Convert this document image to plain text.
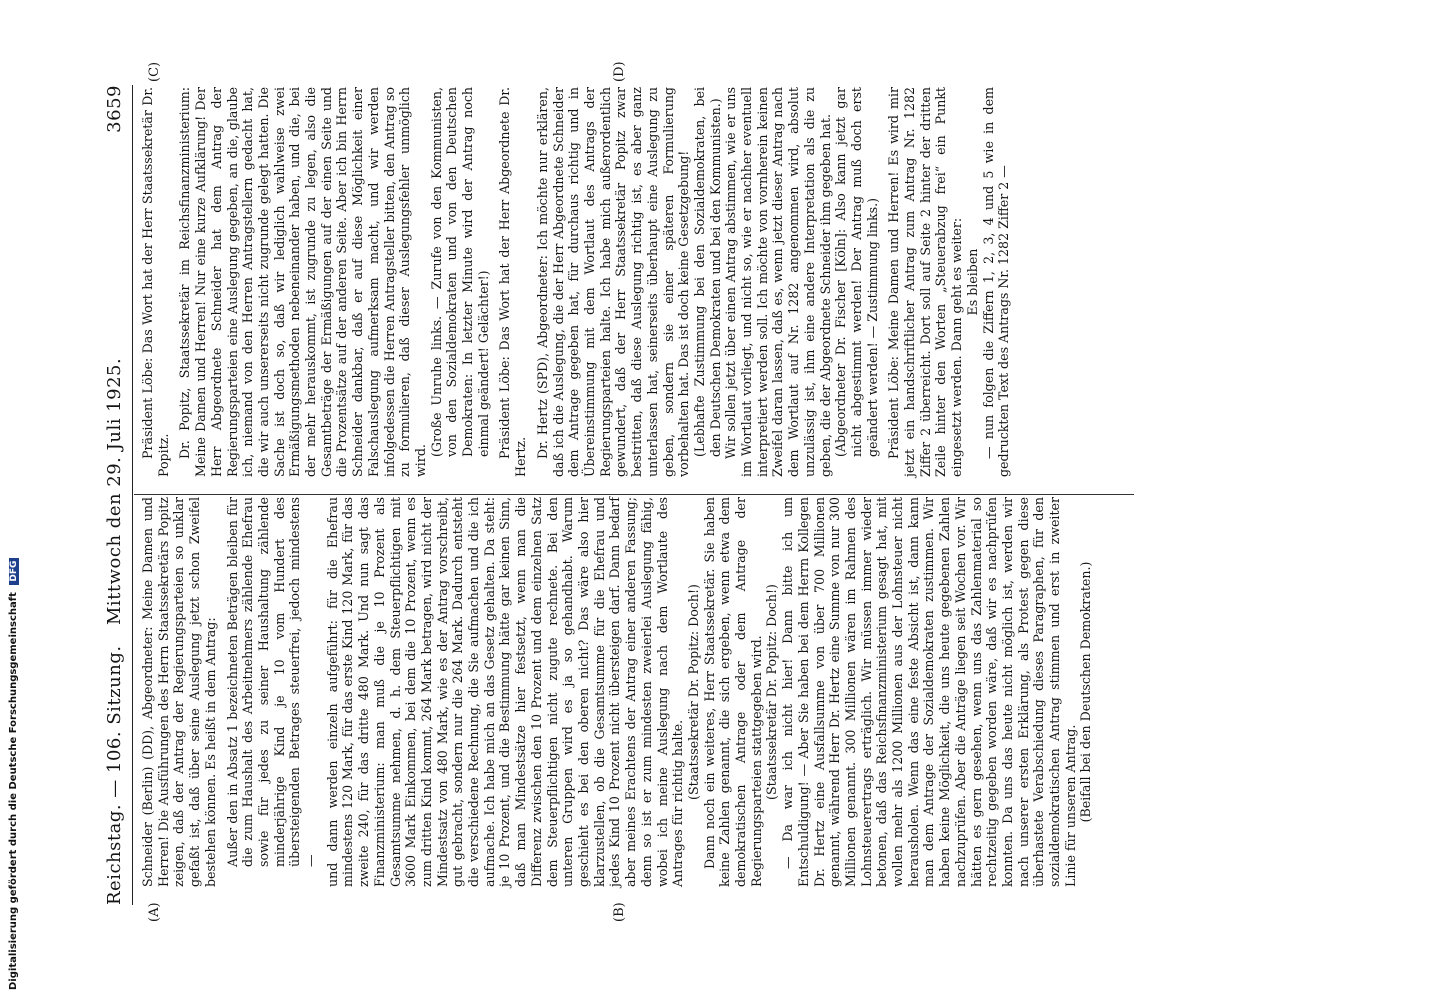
Digitalisierung gefördert durch die Deutsche Forschungsgemeinschaft DFG
Reichstag. — 106. Sitzung.
Mittwoch den 29. Juli 1925.
3659
(A)	(B)
(C)	(D)

Schneider (Berlin) (DD), Abgeordneter: Meine Damen und Herren! Die Ausführungen des Herrn Staatssekretärs Popitz zeigen, daß der Antrag der Regierungsparteien so unklar gefaßt ist, daß über seine Auslegung jetzt schon Zweifel bestehen können. Es heißt in dem Antrag: Außer den in Absatz 1 bezeichneten Beträgen bleiben für die zum Haushalt des Arbeitnehmers zählende Ehefrau sowie für jedes zu seiner Haushaltung zählende minderjährige Kind je 10 vom Hundert des übersteigenden Betrages steuerfrei, jedoch mindestens — und dann werden einzeln aufgeführt: für die Ehefrau mindestens 120 Mark, für das erste Kind 120 Mark, für das zweite 240, für das dritte 480 Mark. Und nun sagt das Finanzministerium: man muß die je 10 Prozent als Gesamtsumme nehmen, d. h. dem Steuerpflichtigen mit 3600 Mark Einkommen, bei dem die 10 Prozent, wenn es zum dritten Kind kommt, 264 Mark betragen, wird nicht der Mindestsatz von 480 Mark, wie es der Antrag vorschreibt, gut gebracht, sondern nur die 264 Mark. Dadurch entsteht die verschiedene Rechnung, die Sie aufmachen und die ich aufmache. Ich habe mich an das Gesetz gehalten. Da steht: je 10 Prozent, und die Bestimmung hätte gar keinen Sinn, daß man Mindestsätze hier festsetzt, wenn man die Differenz zwischen den 10 Prozent und dem einzelnen Satz dem Steuerpflichtigen nicht zugute rechnete. Bei den unteren Gruppen wird es ja so gehandhabt. Warum geschieht es bei den oberen nicht? Das wäre also hier klarzustellen, ob die Gesamtsumme für die Ehefrau und jedes Kind 10 Prozent nicht übersteigen darf. Dann bedarf aber meines Erachtens der Antrag einer anderen Fassung; denn so ist er zum mindesten zweierlei Auslegung fähig, wobei ich meine Auslegung nach dem Wortlaute des Antrages für richtig halte.

(Staatssekretär Dr. Popitz: Doch!) Dann noch ein weiteres, Herr Staatssekretär. Sie haben keine Zahlen genannt, die sich ergeben, wenn etwa dem demokratischen Antrage oder dem Antrage der Regierungsparteien stattgegeben wird. (Staatssekretär Dr. Popitz: Doch!) — Da war ich nicht hier! Dann bitte ich um Entschuldigung! — Aber Sie haben bei dem Herrn Kollegen Dr. Hertz eine Ausfallsumme von über 700 Millionen genannt, während Herr Dr. Hertz eine Summe von nur 300 Millionen genannt. 300 Millionen wären im Rahmen des Lohnsteuerertrags erträglich. Wir müssen immer wieder betonen, daß das Reichsfinanzministerium gesagt hat, mit wollen mehr als 1200 Millionen aus der Lohnsteuer nicht herausholen. Wenn das eine feste Absicht ist, dann kann man dem Antrage der Sozialdemokraten zustimmen. Wir haben keine Möglichkeit, die uns heute gegebenen Zahlen nachzuprüfen. Aber die Anträge liegen seit Wochen vor. Wir hätten es gern gesehen, wenn uns das Zahlenmaterial so rechtzeitig gegeben worden wäre, daß wir es nachprüfen konnten. Da uns das heute nicht möglich ist, werden wir nach unserer ersten Erklärung, als Protest gegen diese überhastete Verabschiedung dieses Paragraphen, für den sozialdemokratischen Antrag stimmen und erst in zweiter Linie für unseren Antrag. (Beifall bei den Deutschen Demokraten.)

Präsident Löbe: Das Wort hat der Herr Staatssekretär Dr. Popitz. Dr. Popitz, Staatssekretär im Reichsfinanzministerium: Meine Damen und Herren! Nur eine kurze Aufklärung! Der Herr Abgeordnete Schneider hat dem Antrag der Regierungsparteien eine Auslegung gegeben, an die, glaube ich, niemand von den Herren Antragstellern gedacht hat, die wir auch unsererseits nicht zugrunde gelegt hatten. Die Sache ist doch so, daß wir lediglich wahlweise zwei Ermäßigungsmethoden nebeneinander haben, und die, bei der mehr herauskommt, ist zugrunde zu legen, also die Gesamtbeträge der Ermäßigungen auf der einen Seite und die Prozentsätze auf der anderen Seite. Aber ich bin Herrn Schneider dankbar, daß er auf diese Möglichkeit einer Falschauslegung aufmerksam macht, und wir werden infolgedessen die Herren Antragsteller bitten, den Antrag so zu formulieren, daß dieser Auslegungsfehler unmöglich wird.

(Große Unruhe links. — Zurufe von den Kommunisten, von den Sozialdemokraten und von den Deutschen Demokraten: In letzter Minute wird der Antrag noch einmal geändert! Gelächter!) Präsident Löbe: Das Wort hat der Herr Abgeordnete Dr. Hertz. Dr. Hertz (SPD), Abgeordneter: Ich möchte nur erklären, daß ich die Auslegung, die der Herr Abgeordnete Schneider dem Antrage gegeben hat, für durchaus richtig und in Übereinstimmung mit dem Wortlaut des Antrags der Regierungsparteien halte. Ich habe mich außerordentlich gewundert, daß der Herr Staatssekretär Popitz zwar bestritten, daß diese Auslegung richtig ist, es aber ganz unterlassen hat, seinerseits überhaupt eine Auslegung zu geben, sondern sie einer späteren Formulierung vorbehalten hat. Das ist doch keine Gesetzgebung! (Lebhafte Zustimmung bei den Sozialdemokraten, bei den Deutschen Demokraten und bei den Kommunisten.) Wir sollen jetzt über einen Antrag abstimmen, wie er uns im Wortlaut vorliegt, und nicht so, wie er nachher eventuell interpretiert werden soll. Ich möchte von vornherein keinen Zweifel daran lassen, daß es, wenn jetzt dieser Antrag nach dem Wortlaut auf Nr. 1282 angenommen wird, absolut unzulässig ist, ihm eine andere Interpretation als die zu geben, die der Abgeordnete Schneider ihm gegeben hat. (Abgeordneter Dr. Fischer [Köln]: Also kann jetzt gar nicht abgestimmt werden! Der Antrag muß doch erst geändert werden! — Zustimmung links.) Präsident Löbe: Meine Damen und Herren! Es wird mir jetzt ein handschriftlicher Antrag zum Antrag Nr. 1282 Ziffer 2 überreicht. Dort soll auf Seite 2 hinter der dritten Zeile hinter den Worten „Steuerabzug frei“ ein Punkt eingesetzt werden. Dann geht es weiter: Es bleiben — nun folgen die Ziffern 1, 2, 3, 4 und 5 wie in dem gedruckten Text des Antrags Nr. 1282 Ziffer 2 —
